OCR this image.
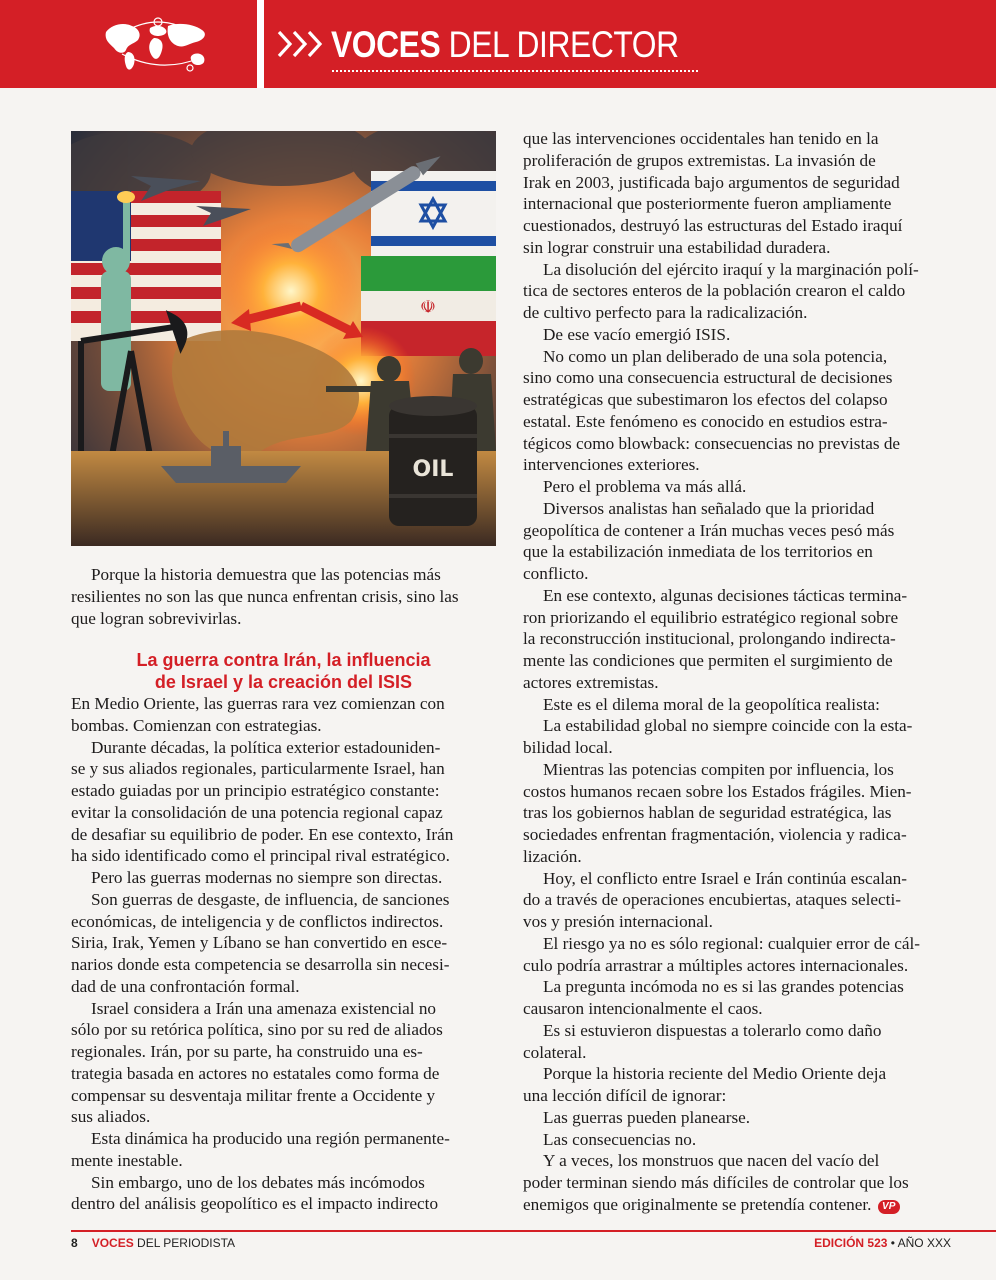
VOCES DEL DIRECTOR
☫
OIL
Porque la historia demuestra que las potencias más
resilientes no son las que nunca enfrentan crisis, sino las
que logran sobrevivirlas.
La guerra contra Irán, la influencia
de Israel y la creación del ISIS
En Medio Oriente, las guerras rara vez comienzan con
bombas. Comienzan con estrategias.
Durante décadas, la política exterior estadouniden-
se y sus aliados regionales, particularmente Israel, han
estado guiadas por un principio estratégico constante:
evitar la consolidación de una potencia regional capaz
de desafiar su equilibrio de poder. En ese contexto, Irán
ha sido identificado como el principal rival estratégico.
Pero las guerras modernas no siempre son directas.
Son guerras de desgaste, de influencia, de sanciones
económicas, de inteligencia y de conflictos indirectos.
Siria, Irak, Yemen y Líbano se han convertido en esce-
narios donde esta competencia se desarrolla sin necesi-
dad de una confrontación formal.
Israel considera a Irán una amenaza existencial no
sólo por su retórica política, sino por su red de aliados
regionales. Irán, por su parte, ha construido una es-
trategia basada en actores no estatales como forma de
compensar su desventaja militar frente a Occidente y
sus aliados.
Esta dinámica ha producido una región permanente-
mente inestable.
Sin embargo, uno de los debates más incómodos
dentro del análisis geopolítico es el impacto indirecto
que las intervenciones occidentales han tenido en la
proliferación de grupos extremistas. La invasión de
Irak en 2003, justificada bajo argumentos de seguridad
internacional que posteriormente fueron ampliamente
cuestionados, destruyó las estructuras del Estado iraquí
sin lograr construir una estabilidad duradera.
La disolución del ejército iraquí y la marginación polí-
tica de sectores enteros de la población crearon el caldo
de cultivo perfecto para la radicalización.
De ese vacío emergió ISIS.
No como un plan deliberado de una sola potencia,
sino como una consecuencia estructural de decisiones
estratégicas que subestimaron los efectos del colapso
estatal. Este fenómeno es conocido en estudios estra-
tégicos como blowback: consecuencias no previstas de
intervenciones exteriores.
Pero el problema va más allá.
Diversos analistas han señalado que la prioridad
geopolítica de contener a Irán muchas veces pesó más
que la estabilización inmediata de los territorios en
conflicto.
En ese contexto, algunas decisiones tácticas termina-
ron priorizando el equilibrio estratégico regional sobre
la reconstrucción institucional, prolongando indirecta-
mente las condiciones que permiten el surgimiento de
actores extremistas.
Este es el dilema moral de la geopolítica realista:
La estabilidad global no siempre coincide con la esta-
bilidad local.
Mientras las potencias compiten por influencia, los
costos humanos recaen sobre los Estados frágiles. Mien-
tras los gobiernos hablan de seguridad estratégica, las
sociedades enfrentan fragmentación, violencia y radica-
lización.
Hoy, el conflicto entre Israel e Irán continúa escalan-
do a través de operaciones encubiertas, ataques selecti-
vos y presión internacional.
El riesgo ya no es sólo regional: cualquier error de cál-
culo podría arrastrar a múltiples actores internacionales.
La pregunta incómoda no es si las grandes potencias
causaron intencionalmente el caos.
Es si estuvieron dispuestas a tolerarlo como daño
colateral.
Porque la historia reciente del Medio Oriente deja
una lección difícil de ignorar:
Las guerras pueden planearse.
Las consecuencias no.
Y a veces, los monstruos que nacen del vacío del
poder terminan siendo más difíciles de controlar que los
enemigos que originalmente se pretendía contener. VP
8 VOCES DEL PERIODISTA	EDICIÓN 523 • AÑO XXX
